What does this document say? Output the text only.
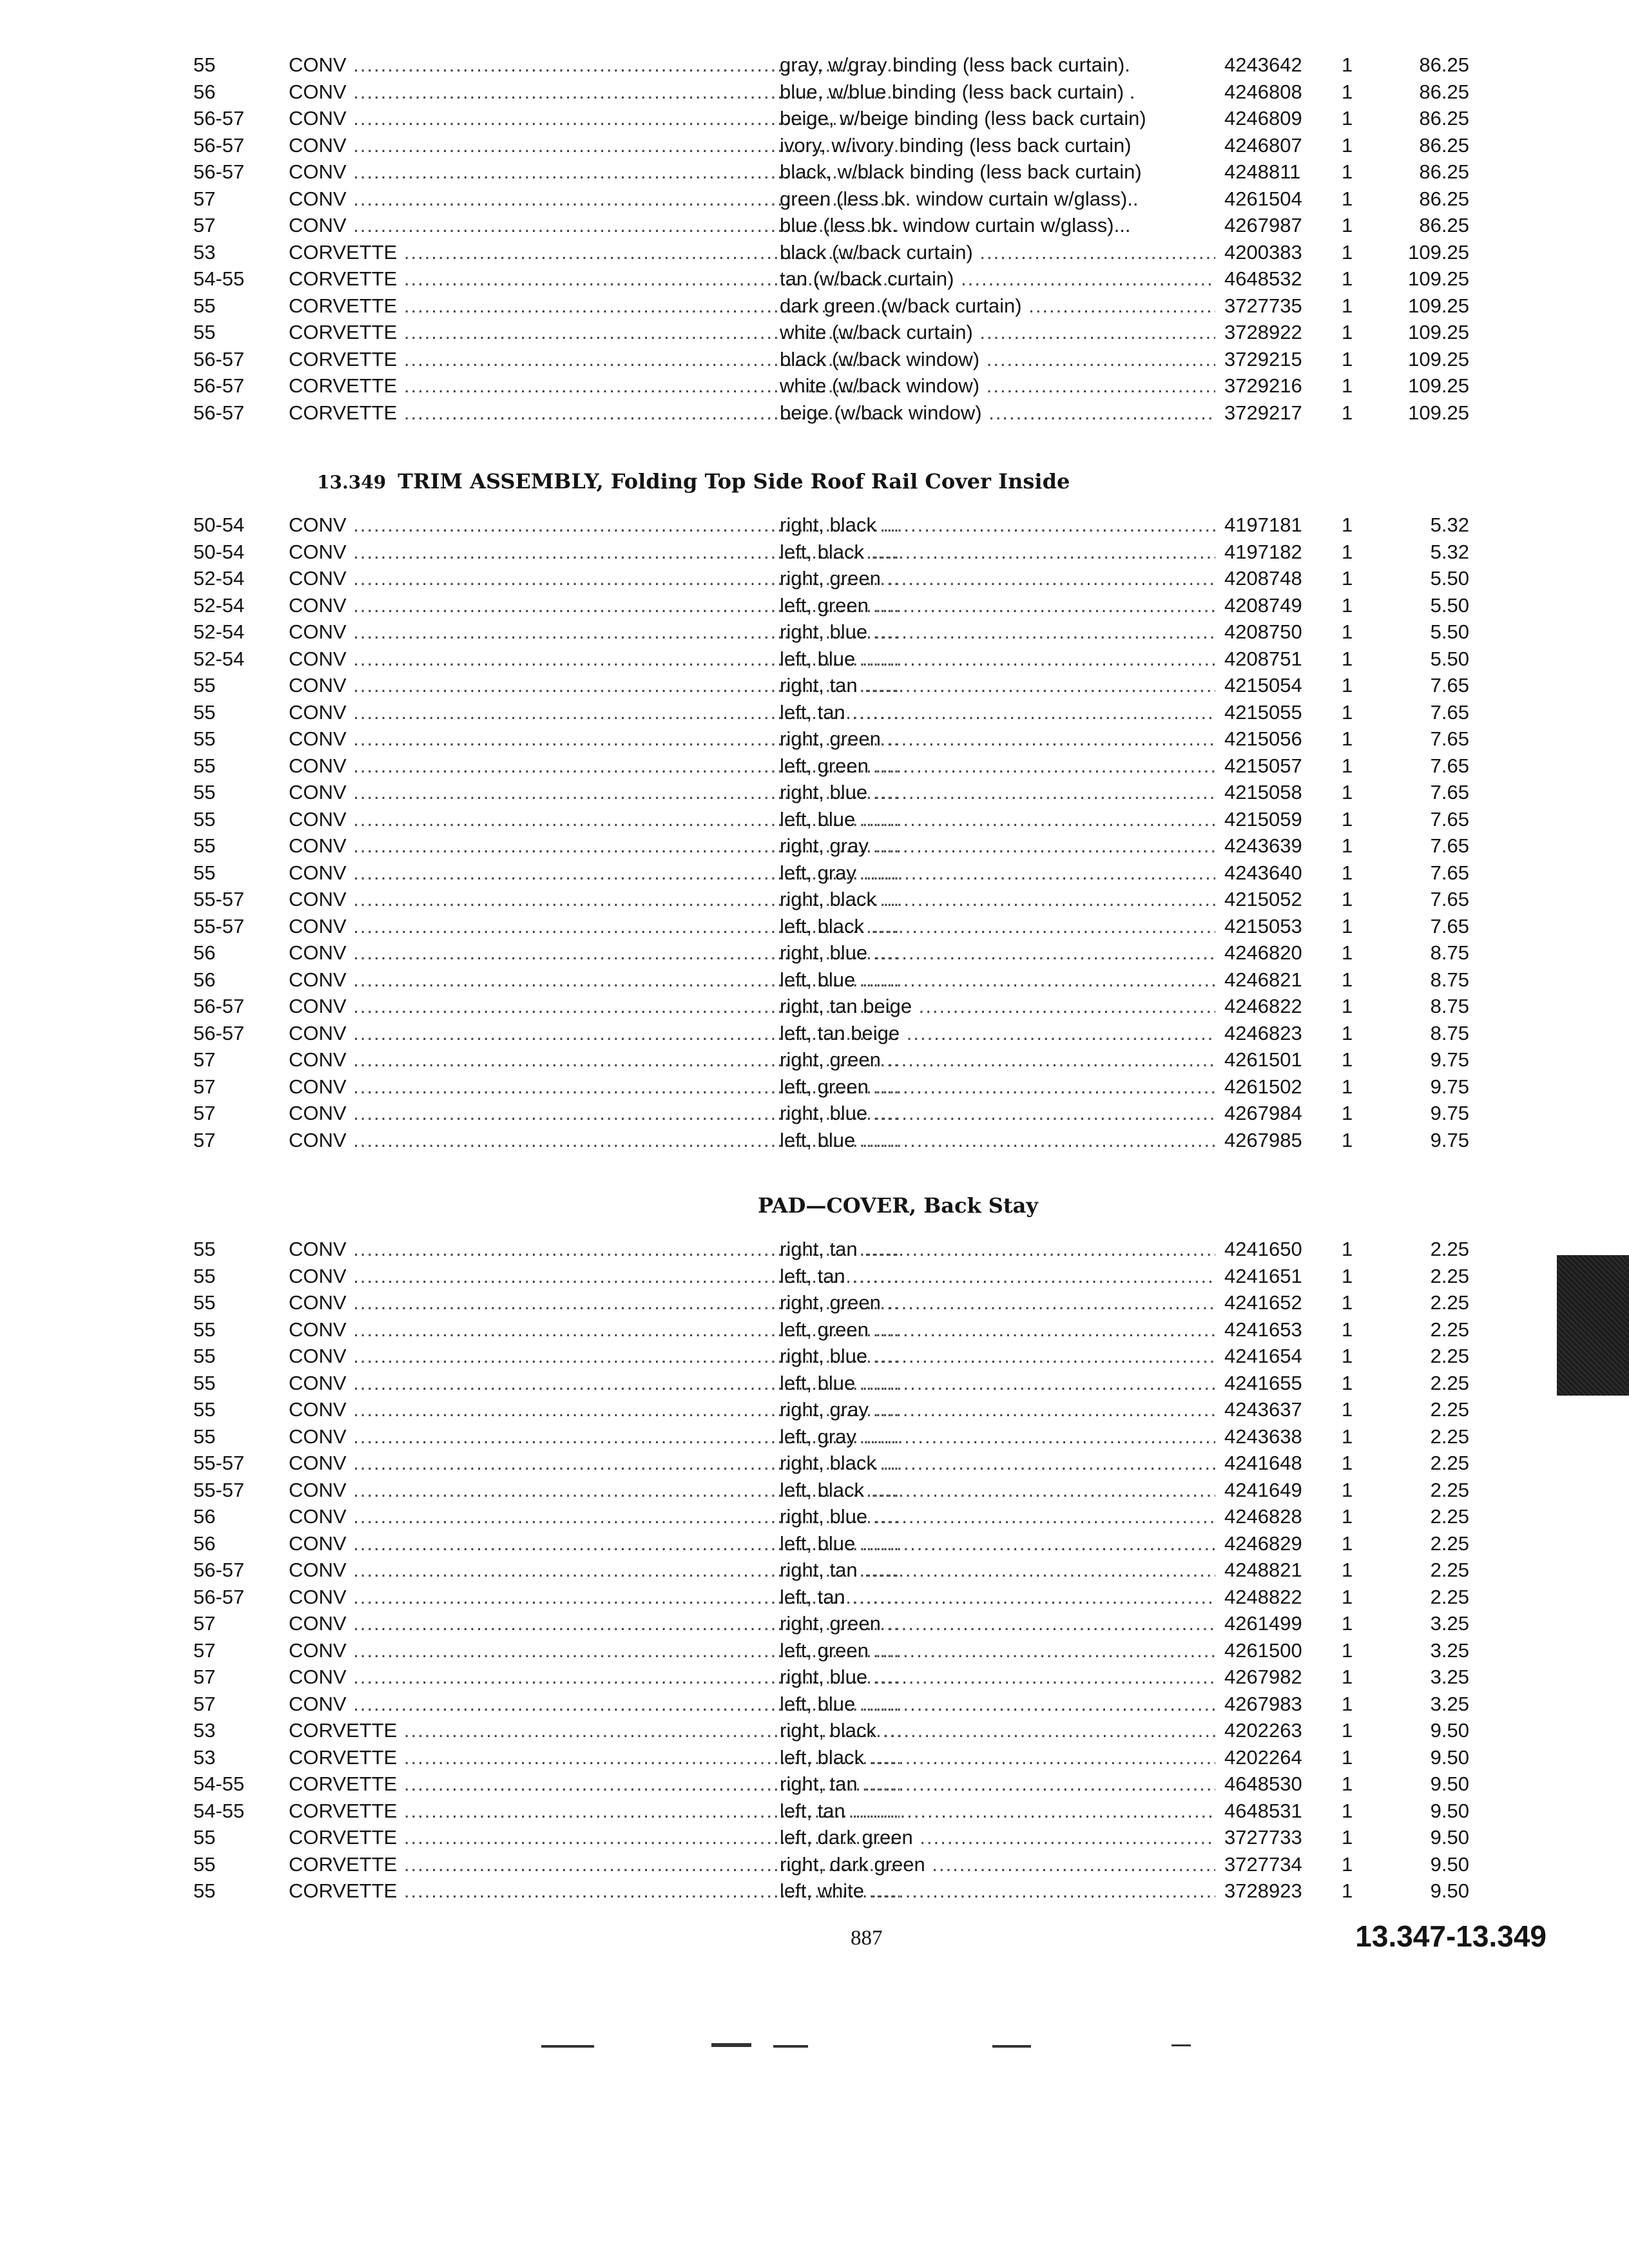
55	CONV .....	gray, w/gray binding (less back curtain).	4243642 1	86.25
56	CONV .....	blue, w/blue binding (less back curtain) .	4246808 1	86.25
56-57 CONV .....	beige, w/beige binding (less back curtain)	4246809 1	86.25
56-57 CONV .....	ivory, w/ivory binding (less back curtain)	4246807 1	86.25
56-57 CONV .....	black, w/black binding (less back curtain)	4248811 1	86.25
57	CONV .....	green (less bk. window curtain w/glass)..	4261504 1	86.25
57	CONV .....	blue (less bk. window curtain w/glass)...	4267987 1	86.25
53	CORVETTE .....	black (w/back curtain) .....	4200383 1	109.25
54-55 CORVETTE .....	tan (w/back curtain) .....	4648532 1	109.25
55	CORVETTE .....	dark green (w/back curtain) .....	3727735 1	109.25
55	CORVETTE .....	white (w/back curtain) .....	3728922 1	109.25
56-57 CORVETTE .....	black (w/back window) .....	3729215 1	109.25
56-57 CORVETTE .....	white (w/back window) .....	3729216 1	109.25
56-57 CORVETTE .....	beige (w/back window) .....	3729217 1	109.25
13.349 TRIM ASSEMBLY, Folding Top Side Roof Rail Cover Inside
50-54 CONV .....	right, black .....	4197181 1	5.32
50-54 CONV .....	left, black .....	4197182 1	5.32
52-54 CONV .....	right, green .....	4208748 1	5.50
52-54 CONV .....	left, green .....	4208749 1	5.50
52-54 CONV .....	right, blue .....	4208750 1	5.50
52-54 CONV .....	left, blue .....	4208751 1	5.50
55	CONV .....	right, tan .....	4215054 1	7.65
55	CONV .....	left, tan .....	4215055 1	7.65
55	CONV .....	right, green .....	4215056 1	7.65
55	CONV .....	left, green .....	4215057 1	7.65
55	CONV .....	right, blue .....	4215058 1	7.65
55	CONV .....	left, blue .....	4215059 1	7.65
55	CONV .....	right, gray .....	4243639 1	7.65
55	CONV .....	left, gray .....	4243640 1	7.65
55-57 CONV .....	right, black .....	4215052 1	7.65
55-57 CONV .....	left, black .....	4215053 1	7.65
56	CONV .....	right, blue .....	4246820 1	8.75
56	CONV .....	left, blue .....	4246821 1	8.75
56-57 CONV .....	right, tan beige .....	4246822 1	8.75
56-57 CONV .....	left, tan beige .....	4246823 1	8.75
57	CONV .....	right, green .....	4261501 1	9.75
57	CONV .....	left, green .....	4261502 1	9.75
57	CONV .....	right, blue .....	4267984 1	9.75
57	CONV .....	left, blue .....	4267985 1	9.75
PAD—COVER, Back Stay
55	CONV .....	right, tan .....	4241650 1	2.25
55	CONV .....	left, tan .....	4241651 1	2.25
55	CONV .....	right, green .....	4241652 1	2.25
55	CONV .....	left, green .....	4241653 1	2.25
55	CONV .....	right, blue .....	4241654 1	2.25
55	CONV .....	left, blue .....	4241655 1	2.25
55	CONV .....	right, gray .....	4243637 1	2.25
55	CONV .....	left, gray .....	4243638 1	2.25
55-57 CONV .....	right, black .....	4241648 1	2.25
55-57 CONV .....	left, black .....	4241649 1	2.25
56	CONV .....	right, blue .....	4246828 1	2.25
56	CONV .....	left, blue .....	4246829 1	2.25
56-57 CONV .....	right, tan .....	4248821 1	2.25
56-57 CONV .....	left, tan .....	4248822 1	2.25
57	CONV .....	right, green .....	4261499 1	3.25
57	CONV .....	left, green .....	4261500 1	3.25
57	CONV .....	right, blue .....	4267982 1	3.25
57	CONV .....	left, blue .....	4267983 1	3.25
53	CORVETTE .....	right, black .....	4202263 1	9.50
53	CORVETTE .....	left, black .....	4202264 1	9.50
54-55 CORVETTE .....	right, tan .....	4648530 1	9.50
54-55 CORVETTE .....	left, tan .....	4648531 1	9.50
55	CORVETTE .....	left, dark green .....	3727733 1	9.50
55	CORVETTE .....	right, dark green .....	3727734 1	9.50
55	CORVETTE .....	left, white .....	3728923 1	9.50
887	13.347-13.349
